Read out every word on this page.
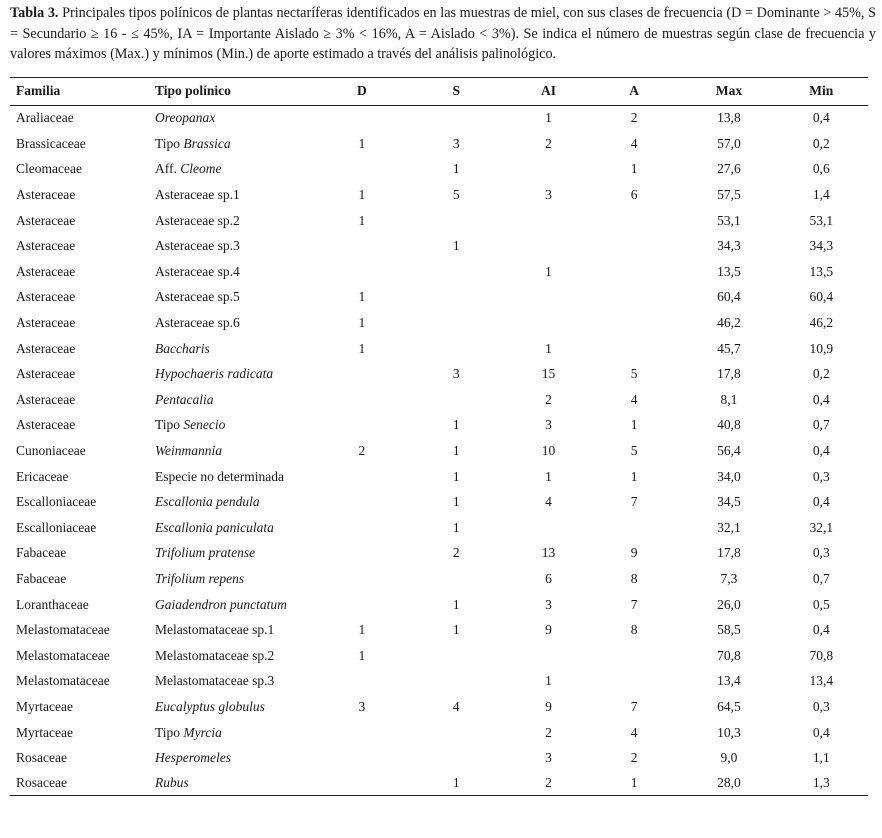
Tabla 3. Principales tipos polínicos de plantas nectaríferas identificados en las muestras de miel, con sus clases de frecuencia (D = Dominante > 45%, S = Secundario ≥ 16 - ≤ 45%, IA = Importante Aislado ≥ 3% < 16%, A = Aislado < 3%). Se indica el número de muestras según clase de frecuencia y valores máximos (Max.) y mínimos (Min.) de aporte estimado a través del análisis palinológico.

Familia	Tipo polínico	D	S	AI	A	Max	Min
Araliaceae	Oreopanax			1	2	13,8	0,4
Brassicaceae	Tipo Brassica	1	3	2	4	57,0	0,2
Cleomaceae	Aff. Cleome		1		1	27,6	0,6
Asteraceae	Asteraceae sp.1	1	5	3	6	57,5	1,4
Asteraceae	Asteraceae sp.2	1				53,1	53,1
Asteraceae	Asteraceae sp.3		1			34,3	34,3
Asteraceae	Asteraceae sp.4			1		13,5	13,5
Asteraceae	Asteraceae sp.5	1				60,4	60,4
Asteraceae	Asteraceae sp.6	1				46,2	46,2
Asteraceae	Baccharis	1		1		45,7	10,9
Asteraceae	Hypochaeris radicata		3	15	5	17,8	0,2
Asteraceae	Pentacalia			2	4	8,1	0,4
Asteraceae	Tipo Senecio		1	3	1	40,8	0,7
Cunoniaceae	Weinmannia	2	1	10	5	56,4	0,4
Ericaceae	Especie no determinada		1	1	1	34,0	0,3
Escalloniaceae	Escallonia pendula		1	4	7	34,5	0,4
Escalloniaceae	Escallonia paniculata		1			32,1	32,1
Fabaceae	Trifolium pratense		2	13	9	17,8	0,3
Fabaceae	Trifolium repens			6	8	7,3	0,7
Loranthaceae	Gaiadendron punctatum		1	3	7	26,0	0,5
Melastomataceae	Melastomataceae sp.1	1	1	9	8	58,5	0,4
Melastomataceae	Melastomataceae sp.2	1				70,8	70,8
Melastomataceae	Melastomataceae sp.3			1		13,4	13,4
Myrtaceae	Eucalyptus globulus	3	4	9	7	64,5	0,3
Myrtaceae	Tipo Myrcia			2	4	10,3	0,4
Rosaceae	Hesperomeles			3	2	9,0	1,1
Rosaceae	Rubus		1	2	1	28,0	1,3
